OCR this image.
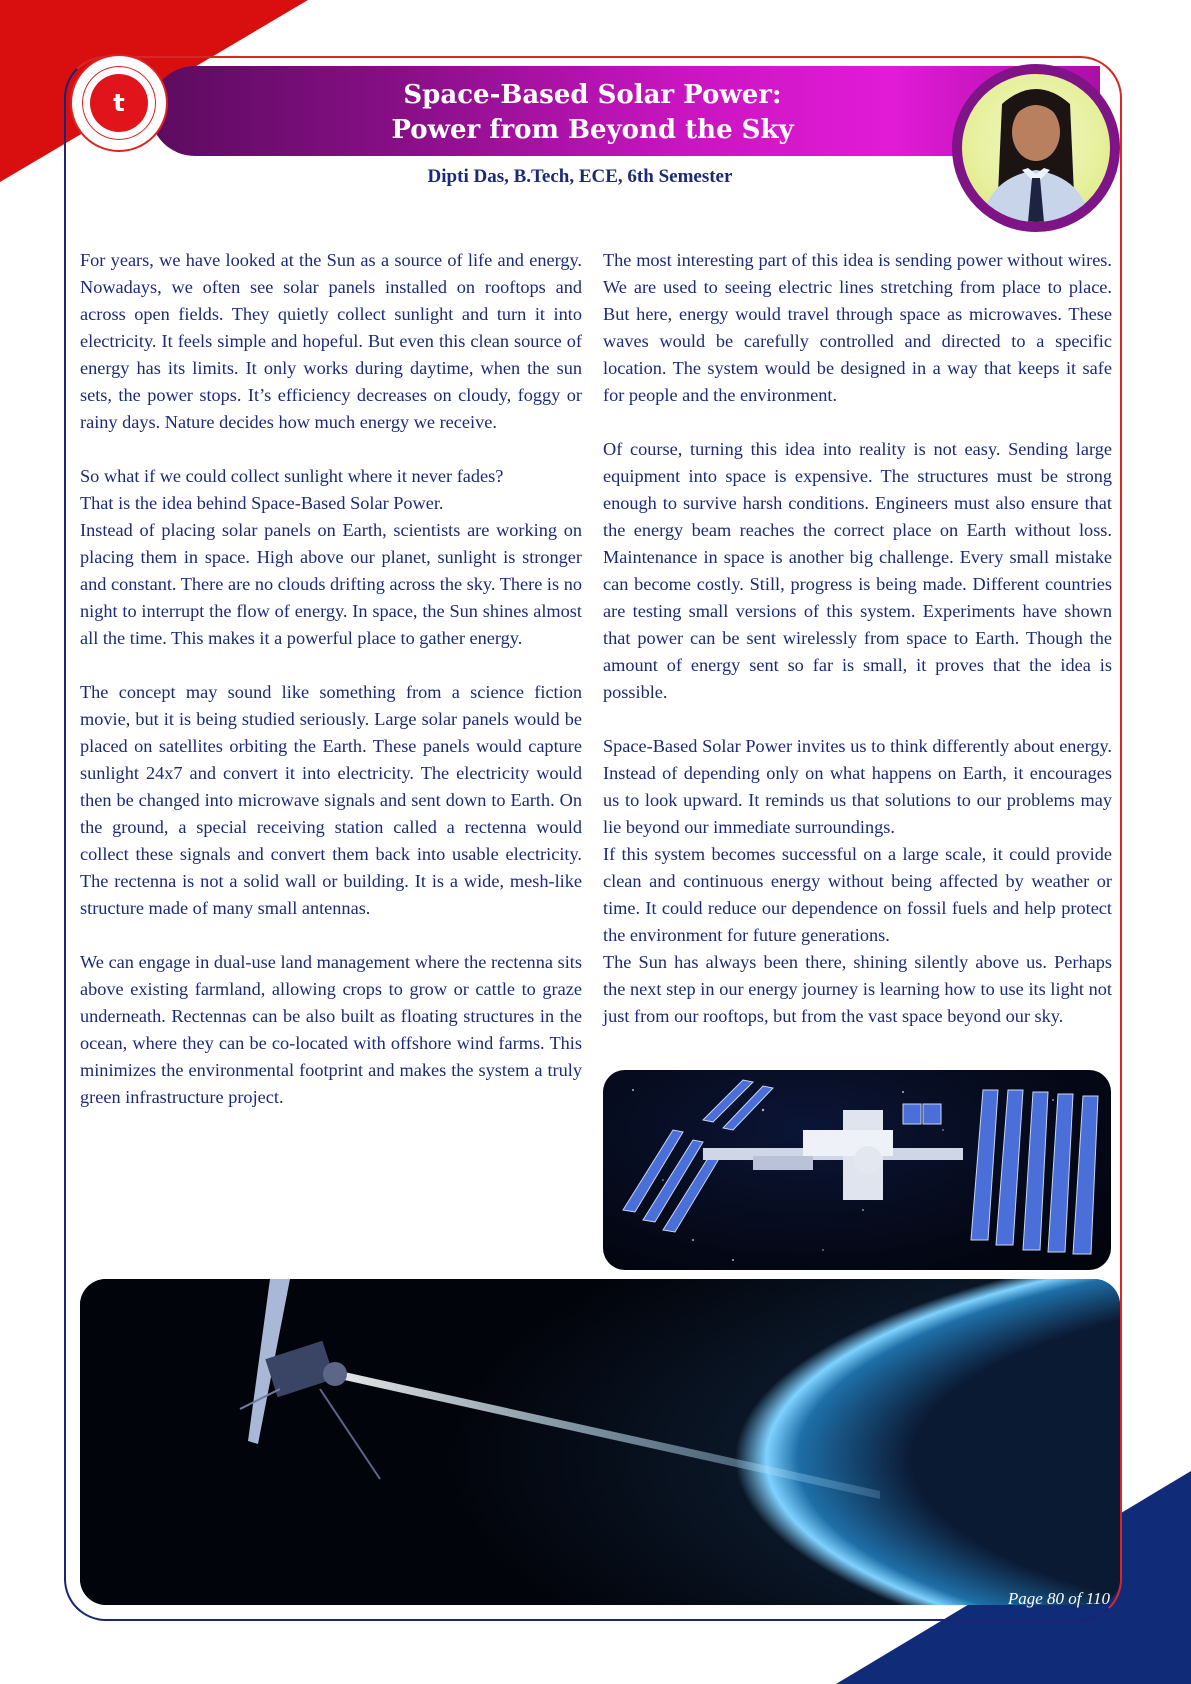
Space-Based Solar Power:
Power from Beyond the Sky
t
Dipti Das, B.Tech, ECE, 6th Semester

For years, we have looked at the Sun as a source of life and energy. Nowadays, we often see solar panels installed on rooftops and across open fields. They quietly collect sunlight and turn it into electricity. It feels simple and hopeful. But even this clean source of energy has its limits. It only works during daytime, when the sun sets, the power stops. It’s efficiency decreases on cloudy, foggy or rainy days. Nature decides how much energy we receive.

So what if we could collect sunlight where it never fades?

That is the idea behind Space-Based Solar Power.

Instead of placing solar panels on Earth, scientists are working on placing them in space. High above our planet, sunlight is stronger and constant. There are no clouds drifting across the sky. There is no night to interrupt the flow of energy. In space, the Sun shines almost all the time. This makes it a powerful place to gather energy.

The concept may sound like something from a science fiction movie, but it is being studied seriously. Large solar panels would be placed on satellites orbiting the Earth. These panels would capture sunlight 24x7 and convert it into electricity. The electricity would then be changed into microwave signals and sent down to Earth. On the ground, a special receiving station called a rectenna would collect these signals and convert them back into usable electricity. The rectenna is not a solid wall or building. It is a wide, mesh-like structure made of many small antennas.

We can engage in dual-use land management where the rectenna sits above existing farmland, allowing crops to grow or cattle to graze underneath. Rectennas can be also built as floating structures in the ocean, where they can be co-located with offshore wind farms. This minimizes the environmental footprint and makes the system a truly green infrastructure project.

The most interesting part of this idea is sending power without wires. We are used to seeing electric lines stretching from place to place. But here, energy would travel through space as microwaves. These waves would be carefully controlled and directed to a specific location. The system would be designed in a way that keeps it safe for people and the environment.

Of course, turning this idea into reality is not easy. Sending large equipment into space is expensive. The structures must be strong enough to survive harsh conditions. Engineers must also ensure that the energy beam reaches the correct place on Earth without loss. Maintenance in space is another big challenge. Every small mistake can become costly. Still, progress is being made. Different countries are testing small versions of this system. Experiments have shown that power can be sent wirelessly from space to Earth. Though the amount of energy sent so far is small, it proves that the idea is possible.

Space-Based Solar Power invites us to think differently about energy. Instead of depending only on what happens on Earth, it encourages us to look upward. It reminds us that solutions to our problems may lie beyond our immediate surroundings.

If this system becomes successful on a large scale, it could provide clean and continuous energy without being affected by weather or time. It could reduce our dependence on fossil fuels and help protect the environment for future generations.

The Sun has always been there, shining silently above us. Perhaps the next step in our energy journey is learning how to use its light not just from our rooftops, but from the vast space beyond our sky.

Page 80 of 110
